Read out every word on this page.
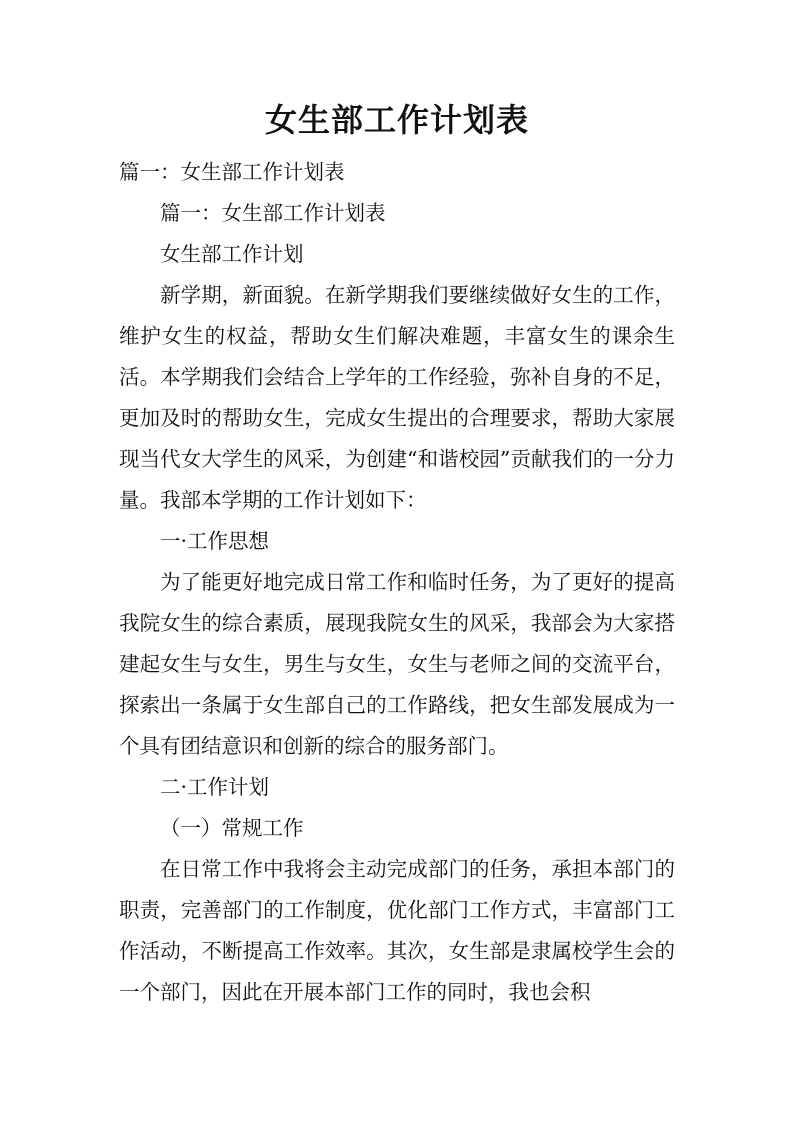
女生部工作计划表

篇一：女生部工作计划表

篇一：女生部工作计划表

女生部工作计划

新学期，新面貌。在新学期我们要继续做好女生的工作，维护女生的权益，帮助女生们解决难题，丰富女生的课余生活。本学期我们会结合上学年的工作经验，弥补自身的不足，更加及时的帮助女生，完成女生提出的合理要求，帮助大家展现当代女大学生的风采，为创建“和谐校园”贡献我们的一分力量。我部本学期的工作计划如下：

一·工作思想

为了能更好地完成日常工作和临时任务，为了更好的提高我院女生的综合素质，展现我院女生的风采，我部会为大家搭建起女生与女生，男生与女生，女生与老师之间的交流平台，探索出一条属于女生部自己的工作路线，把女生部发展成为一个具有团结意识和创新的综合的服务部门。

二·工作计划

（一）常规工作

在日常工作中我将会主动完成部门的任务，承担本部门的职责，完善部门的工作制度，优化部门工作方式，丰富部门工作活动，不断提高工作效率。其次，女生部是隶属校学生会的一个部门，因此在开展本部门工作的同时，我也会积
